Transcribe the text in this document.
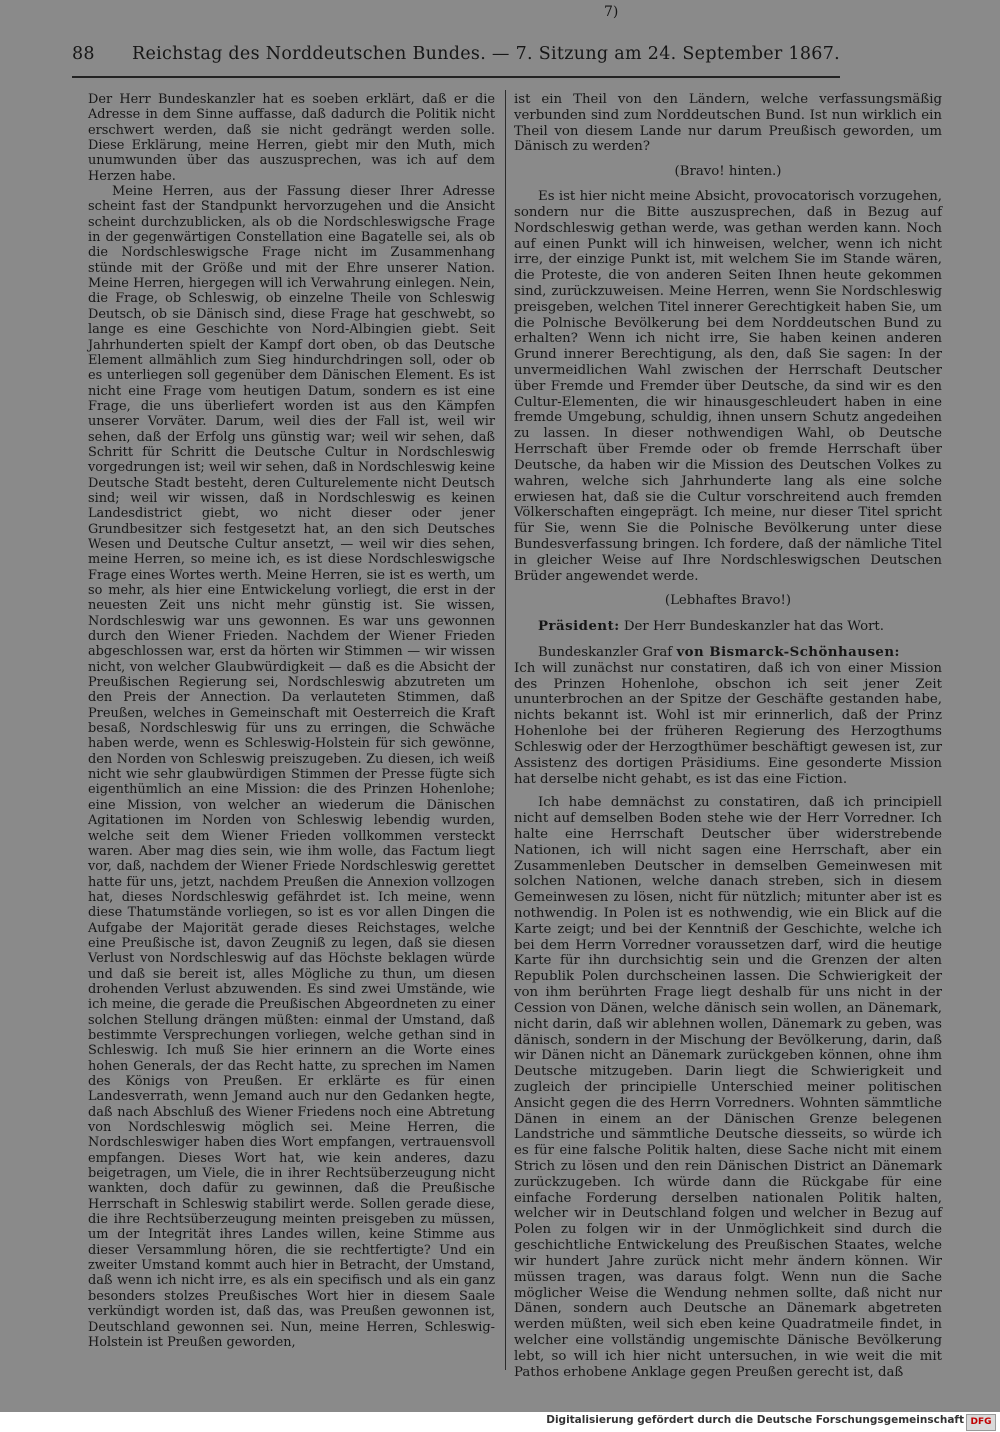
7)
88 Reichstag des Norddeutschen Bundes. — 7. Sitzung am 24. September 1867.

Der Herr Bundeskanzler hat es soeben erklärt, daß er die Adresse in dem Sinne auffasse, daß dadurch die Politik nicht erschwert werden, daß sie nicht gedrängt werden solle. Diese Erklärung, meine Herren, giebt mir den Muth, mich unumwunden über das auszusprechen, was ich auf dem Herzen habe.

Meine Herren, aus der Fassung dieser Ihrer Adresse scheint fast der Standpunkt hervorzugehen und die Ansicht scheint durchzublicken, als ob die Nordschleswigsche Frage in der gegenwärtigen Constellation eine Bagatelle sei, als ob die Nordschleswigsche Frage nicht im Zusammenhang stünde mit der Größe und mit der Ehre unserer Nation. Meine Herren, hiergegen will ich Verwahrung einlegen. Nein, die Frage, ob Schleswig, ob einzelne Theile von Schleswig Deutsch, ob sie Dänisch sind, diese Frage hat geschwebt, so lange es eine Geschichte von Nord-Albingien giebt. Seit Jahrhunderten spielt der Kampf dort oben, ob das Deutsche Element allmählich zum Sieg hindurchdringen soll, oder ob es unterliegen soll gegenüber dem Dänischen Element. Es ist nicht eine Frage vom heutigen Datum, sondern es ist eine Frage, die uns überliefert worden ist aus den Kämpfen unserer Vorväter. Darum, weil dies der Fall ist, weil wir sehen, daß der Erfolg uns günstig war; weil wir sehen, daß Schritt für Schritt die Deutsche Cultur in Nordschleswig vorgedrungen ist; weil wir sehen, daß in Nordschleswig keine Deutsche Stadt besteht, deren Culturelemente nicht Deutsch sind; weil wir wissen, daß in Nordschleswig es keinen Landesdistrict giebt, wo nicht dieser oder jener Grundbesitzer sich festgesetzt hat, an den sich Deutsches Wesen und Deutsche Cultur ansetzt, — weil wir dies sehen, meine Herren, so meine ich, es ist diese Nordschleswigsche Frage eines Wortes werth. Meine Herren, sie ist es werth, um so mehr, als hier eine Entwickelung vorliegt, die erst in der neuesten Zeit uns nicht mehr günstig ist. Sie wissen, Nordschleswig war uns gewonnen. Es war uns gewonnen durch den Wiener Frieden. Nachdem der Wiener Frieden abgeschlossen war, erst da hörten wir Stimmen — wir wissen nicht, von welcher Glaubwürdigkeit — daß es die Absicht der Preußischen Regierung sei, Nordschleswig abzutreten um den Preis der Annection. Da verlauteten Stimmen, daß Preußen, welches in Gemeinschaft mit Oesterreich die Kraft besaß, Nordschleswig für uns zu erringen, die Schwäche haben werde, wenn es Schleswig-Holstein für sich gewönne, den Norden von Schleswig preiszugeben. Zu diesen, ich weiß nicht wie sehr glaubwürdigen Stimmen der Presse fügte sich eigenthümlich an eine Mission: die des Prinzen Hohenlohe; eine Mission, von welcher an wiederum die Dänischen Agitationen im Norden von Schleswig lebendig wurden, welche seit dem Wiener Frieden vollkommen versteckt waren. Aber mag dies sein, wie ihm wolle, das Factum liegt vor, daß, nachdem der Wiener Friede Nordschleswig gerettet hatte für uns, jetzt, nachdem Preußen die Annexion vollzogen hat, dieses Nordschleswig gefährdet ist. Ich meine, wenn diese Thatumstände vorliegen, so ist es vor allen Dingen die Aufgabe der Majorität gerade dieses Reichstages, welche eine Preußische ist, davon Zeugniß zu legen, daß sie diesen Verlust von Nordschleswig auf das Höchste beklagen würde und daß sie bereit ist, alles Mögliche zu thun, um diesen drohenden Verlust abzuwenden. Es sind zwei Umstände, wie ich meine, die gerade die Preußischen Abgeordneten zu einer solchen Stellung drängen müßten: einmal der Umstand, daß bestimmte Versprechungen vorliegen, welche gethan sind in Schleswig. Ich muß Sie hier erinnern an die Worte eines hohen Generals, der das Recht hatte, zu sprechen im Namen des Königs von Preußen. Er erklärte es für einen Landesverrath, wenn Jemand auch nur den Gedanken hegte, daß nach Abschluß des Wiener Friedens noch eine Abtretung von Nordschleswig möglich sei. Meine Herren, die Nordschleswiger haben dies Wort empfangen, vertrauensvoll empfangen. Dieses Wort hat, wie kein anderes, dazu beigetragen, um Viele, die in ihrer Rechtsüberzeugung nicht wankten, doch dafür zu gewinnen, daß die Preußische Herrschaft in Schleswig stabilirt werde. Sollen gerade diese, die ihre Rechtsüberzeugung meinten preisgeben zu müssen, um der Integrität ihres Landes willen, keine Stimme aus dieser Versammlung hören, die sie rechtfertigte? Und ein zweiter Umstand kommt auch hier in Betracht, der Umstand, daß wenn ich nicht irre, es als ein specifisch und als ein ganz besonders stolzes Preußisches Wort hier in diesem Saale verkündigt worden ist, daß das, was Preußen gewonnen ist, Deutschland gewonnen sei. Nun, meine Herren, Schleswig-Holstein ist Preußen geworden,

ist ein Theil von den Ländern, welche verfassungsmäßig verbunden sind zum Norddeutschen Bund. Ist nun wirklich ein Theil von diesem Lande nur darum Preußisch geworden, um Dänisch zu werden?

(Bravo! hinten.)

Es ist hier nicht meine Absicht, provocatorisch vorzugehen, sondern nur die Bitte auszusprechen, daß in Bezug auf Nordschleswig gethan werde, was gethan werden kann. Noch auf einen Punkt will ich hinweisen, welcher, wenn ich nicht irre, der einzige Punkt ist, mit welchem Sie im Stande wären, die Proteste, die von anderen Seiten Ihnen heute gekommen sind, zurückzuweisen. Meine Herren, wenn Sie Nordschleswig preisgeben, welchen Titel innerer Gerechtigkeit haben Sie, um die Polnische Bevölkerung bei dem Norddeutschen Bund zu erhalten? Wenn ich nicht irre, Sie haben keinen anderen Grund innerer Berechtigung, als den, daß Sie sagen: In der unvermeidlichen Wahl zwischen der Herrschaft Deutscher über Fremde und Fremder über Deutsche, da sind wir es den Cultur-Elementen, die wir hinausgeschleudert haben in eine fremde Umgebung, schuldig, ihnen unsern Schutz angedeihen zu lassen. In dieser nothwendigen Wahl, ob Deutsche Herrschaft über Fremde oder ob fremde Herrschaft über Deutsche, da haben wir die Mission des Deutschen Volkes zu wahren, welche sich Jahrhunderte lang als eine solche erwiesen hat, daß sie die Cultur vorschreitend auch fremden Völkerschaften eingeprägt. Ich meine, nur dieser Titel spricht für Sie, wenn Sie die Polnische Bevölkerung unter diese Bundesverfassung bringen. Ich fordere, daß der nämliche Titel in gleicher Weise auf Ihre Nordschleswigschen Deutschen Brüder angewendet werde.

(Lebhaftes Bravo!)

Präsident: Der Herr Bundeskanzler hat das Wort.

Bundeskanzler Graf von Bismarck-Schönhausen:

Ich will zunächst nur constatiren, daß ich von einer Mission des Prinzen Hohenlohe, obschon ich seit jener Zeit ununterbrochen an der Spitze der Geschäfte gestanden habe, nichts bekannt ist. Wohl ist mir erinnerlich, daß der Prinz Hohenlohe bei der früheren Regierung des Herzogthums Schleswig oder der Herzogthümer beschäftigt gewesen ist, zur Assistenz des dortigen Präsidiums. Eine gesonderte Mission hat derselbe nicht gehabt, es ist das eine Fiction.

Ich habe demnächst zu constatiren, daß ich principiell nicht auf demselben Boden stehe wie der Herr Vorredner. Ich halte eine Herrschaft Deutscher über widerstrebende Nationen, ich will nicht sagen eine Herrschaft, aber ein Zusammenleben Deutscher in demselben Gemeinwesen mit solchen Nationen, welche danach streben, sich in diesem Gemeinwesen zu lösen, nicht für nützlich; mitunter aber ist es nothwendig. In Polen ist es nothwendig, wie ein Blick auf die Karte zeigt; und bei der Kenntniß der Geschichte, welche ich bei dem Herrn Vorredner voraussetzen darf, wird die heutige Karte für ihn durchsichtig sein und die Grenzen der alten Republik Polen durchscheinen lassen. Die Schwierigkeit der von ihm berührten Frage liegt deshalb für uns nicht in der Cession von Dänen, welche dänisch sein wollen, an Dänemark, nicht darin, daß wir ablehnen wollen, Dänemark zu geben, was dänisch, sondern in der Mischung der Bevölkerung, darin, daß wir Dänen nicht an Dänemark zurückgeben können, ohne ihm Deutsche mitzugeben. Darin liegt die Schwierigkeit und zugleich der principielle Unterschied meiner politischen Ansicht gegen die des Herrn Vorredners. Wohnten sämmtliche Dänen in einem an der Dänischen Grenze belegenen Landstriche und sämmtliche Deutsche diesseits, so würde ich es für eine falsche Politik halten, diese Sache nicht mit einem Strich zu lösen und den rein Dänischen District an Dänemark zurückzugeben. Ich würde dann die Rückgabe für eine einfache Forderung derselben nationalen Politik halten, welcher wir in Deutschland folgen und welcher in Bezug auf Polen zu folgen wir in der Unmöglichkeit sind durch die geschichtliche Entwickelung des Preußischen Staates, welche wir hundert Jahre zurück nicht mehr ändern können. Wir müssen tragen, was daraus folgt. Wenn nun die Sache möglicher Weise die Wendung nehmen sollte, daß nicht nur Dänen, sondern auch Deutsche an Dänemark abgetreten werden müßten, weil sich eben keine Quadratmeile findet, in welcher eine vollständig ungemischte Dänische Bevölkerung lebt, so will ich hier nicht untersuchen, in wie weit die mit Pathos erhobene Anklage gegen Preußen gerecht ist, daß

Digitalisierung gefördert durch die Deutsche Forschungsgemeinschaft DFG
